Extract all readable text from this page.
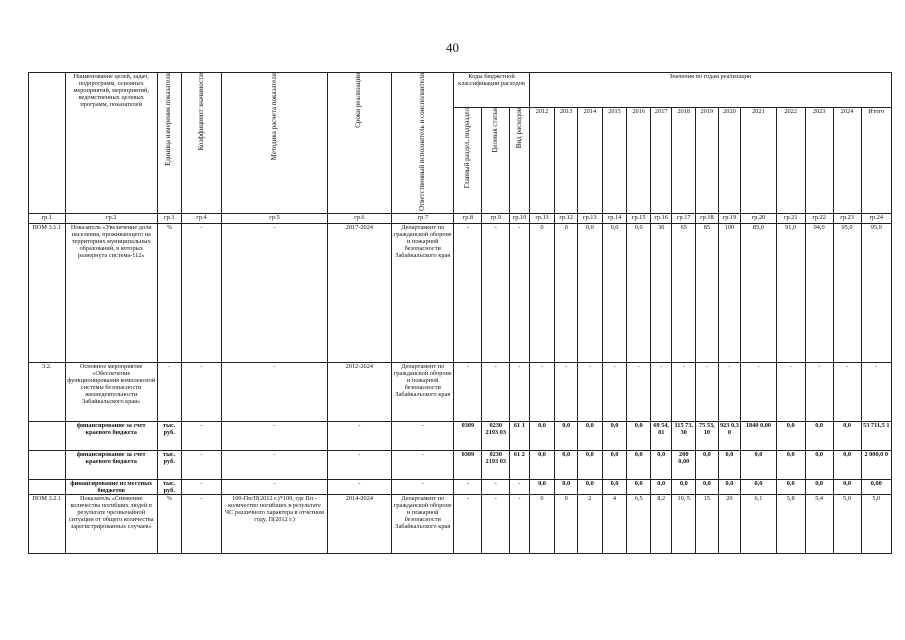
40
	Наименование целей, задач, подпрограмм, основных мероприятий, мероприятий, ведомственных целевых программ, показателей	Единица измерения показателя	Коэффициент значимости	Методика расчета показателя	Сроки реализации	Ответственный исполнитель и соисполнители	Коды бюджетной классификации расходов			Значения по годам реализации													
							Главный раздел, подраздел	Целевая статья	Вид расходов	2012	2013	2014	2015	2016	2017	2018	2019	2020	2021	2022	2023	2024	Итого
гр.1	гр.2	гр.3	гр.4	гр.5	гр.6	гр.7	гр.8	гр.9	гр.10	гр.11	гр.12	гр.13	гр.14	гр.15	гр.16	гр.17	гр.18	гр.19	гр.20	гр.21	гр.22	гр.23	гр.24
ПОМ 3.1.1	Показатель «Увеличение доли населения, проживающего на территориях муниципальных образований, в которых развернута система-112»	%	-	-	2017-2024	Департамент по гражданской обороне и пожарной безопасности Забайкальского края	-	-	-	0	0	0,0	0,0	0,0	30	65	85	100	85,0	91,0	94,0	95,0	95,0
3.2.	Основное мероприятие «Обеспечение функционирования комплексной системы безопасности жизнедеятельности Забайкальского края»	-	-	-	2012-2024	Департамент по гражданской обороне и пожарной безопасности Забайкальского края	-	-	-	-	-	-	-	-	-	-	-	-	-	-	-	-	-
	финансирование за счет краевого бюджета	тыс. руб.	-	-	-	-	0309	0230 2193 03	61 1	0,0	0,0	0,0	0,0	0,0	69 54, 81	115 73, 30	75 53, 10	923 0,3 0	1840 0,00	0,0	0,0	0,0	53 711,5 1
	финансирование за счет краевого бюджета	тыс. руб.	-	-	-	-	0309	0230 2193 03	61 2	0,0	0,0	0,0	0,0	0,0	0,0	200 0,00	0,0	0,0	0,0	0,0	0,0	0,0	2 000,0 0
	финансирование из местных бюджетов	тыс. руб.	-	-	-	-	-	-	-	0,0	0,0	0,0	0,0	0,0	0,0	0,0	0,0	0,0	0,0	0,0	0,0	0,0	0,00
ПОМ 3.2.1	Показатель «Снижение количества погибших людей в результате чрезвычайной ситуации от общего количества зарегистрированных случаев»	%	-	100-Пп/П(2012 г.)*100, где Пп - количество погибших в результате ЧС различного характера в отчетном году, П(2012 г.)	2014-2024	Департамент по гражданской обороне и пожарной безопасности Забайкальского края	-	-	-	0	0	2	4	6,5	8,2	10, 5	15	20	6,1	5,8	5,4	5,0	5,0
